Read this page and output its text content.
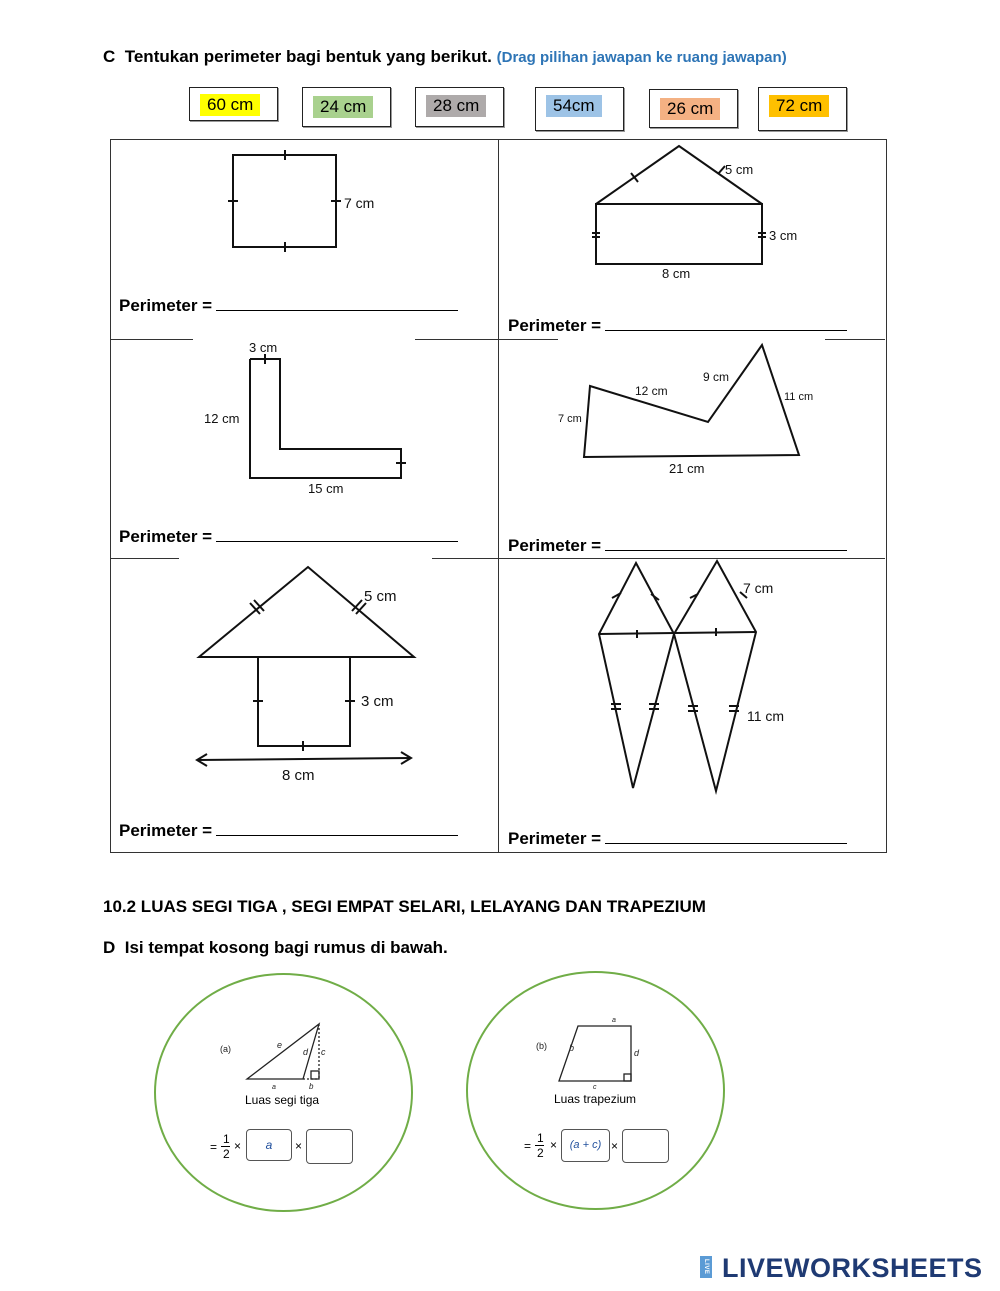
C Tentukan perimeter bagi bentuk yang berikut. (Drag pilihan jawapan ke ruang jawapan)
60 cm	24 cm	28 cm	54cm	26 cm	72 cm
7 cm
5 cm
3 cm
8 cm
3 cm
12 cm
15 cm
7 cm
12 cm
9 cm
11 cm
21 cm
5 cm
3 cm
8 cm
7 cm
11 cm
Perimeter =
Perimeter =
Perimeter =	Perimeter =
Perimeter =	Perimeter =
10.2 LUAS SEGI TIGA , SEGI EMPAT SELARI, LELAYANG DAN TRAPEZIUM
D Isi tempat kosong bagi rumus di bawah.
(a)	e
d c
a	b
Luas segi tiga
=
1
2
×	a	×
(b)
a
b
c
d
Luas trapezium
=
1
2
×	(a + c) ×
LIVE LIVEWORKSHEETS
